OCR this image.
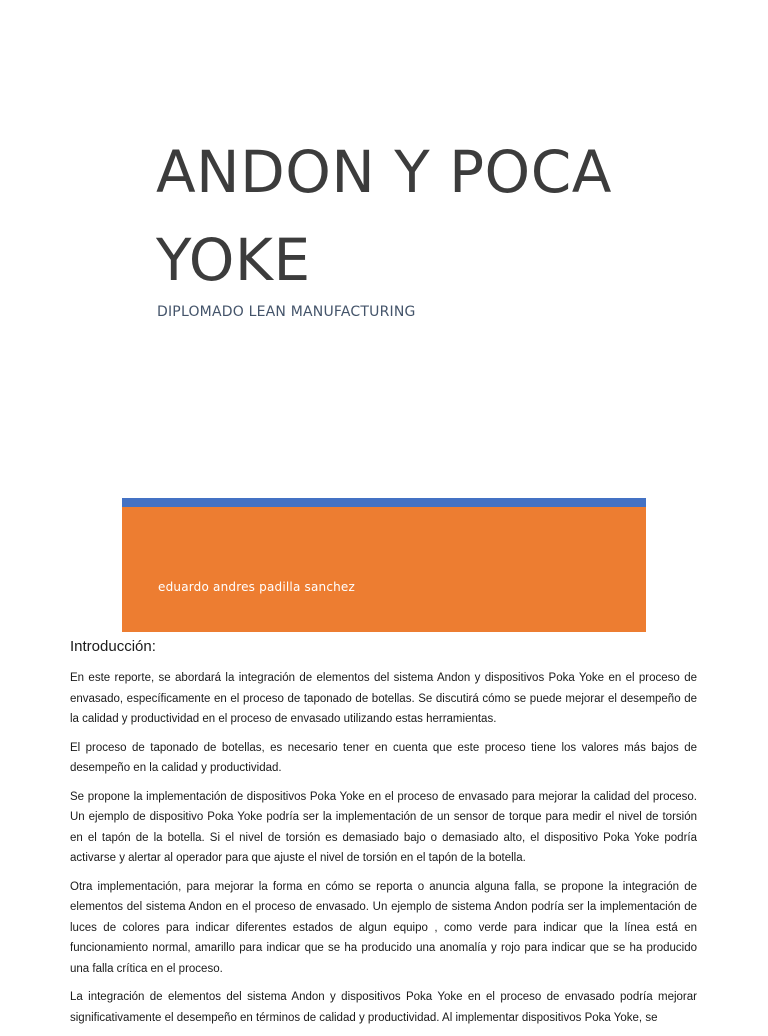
ANDON Y POCA YOKE
DIPLOMADO LEAN MANUFACTURING
eduardo andres padilla sanchez
Introducción:

En este reporte, se abordará la integración de elementos del sistema Andon y dispositivos Poka Yoke en el proceso de envasado, específicamente en el proceso de taponado de botellas. Se discutirá cómo se puede mejorar el desempeño de la calidad y productividad en el proceso de envasado utilizando estas herramientas.

El proceso de taponado de botellas, es necesario tener en cuenta que este proceso tiene los valores más bajos de desempeño en la calidad y productividad.

Se propone la implementación de dispositivos Poka Yoke en el proceso de envasado para mejorar la calidad del proceso. Un ejemplo de dispositivo Poka Yoke podría ser la implementación de un sensor de torque para medir el nivel de torsión en el tapón de la botella. Si el nivel de torsión es demasiado bajo o demasiado alto, el dispositivo Poka Yoke podría activarse y alertar al operador para que ajuste el nivel de torsión en el tapón de la botella.

Otra implementación, para mejorar la forma en cómo se reporta o anuncia alguna falla, se propone la integración de elementos del sistema Andon en el proceso de envasado. Un ejemplo de sistema Andon podría ser la implementación de luces de colores para indicar diferentes estados de algun equipo , como verde para indicar que la línea está en funcionamiento normal, amarillo para indicar que se ha producido una anomalía y rojo para indicar que se ha producido una falla crítica en el proceso.

La integración de elementos del sistema Andon y dispositivos Poka Yoke en el proceso de envasado podría mejorar significativamente el desempeño en términos de calidad y productividad. Al implementar dispositivos Poka Yoke, se
